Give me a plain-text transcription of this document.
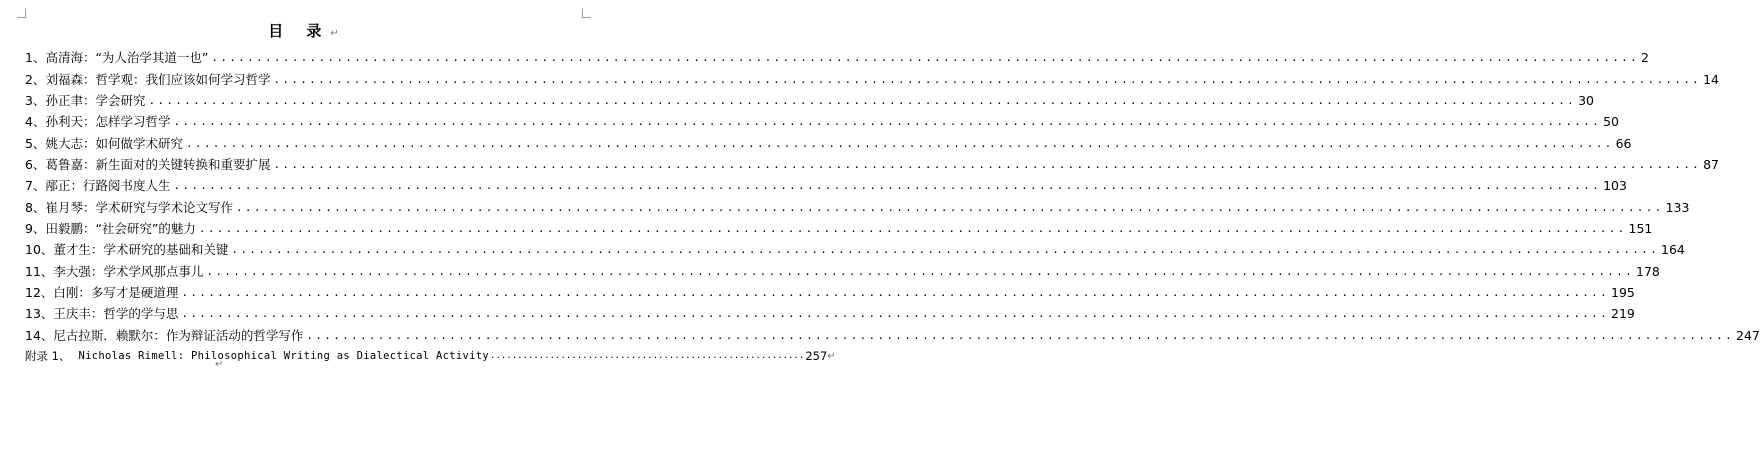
目 录↵
1、高清海：“为人治学其道一也” ................................................................................................................................................................ 2
2、刘福森：哲学观：我们应该如何学习哲学 ................................................................................................................................................................ 14
3、孙正聿：学会研究 ................................................................................................................................................................ 30
4、孙利天：怎样学习哲学 ................................................................................................................................................................ 50
5、姚大志：如何做学术研究 ................................................................................................................................................................ 66
6、葛鲁嘉：新生面对的关键转换和重要扩展 ................................................................................................................................................................ 87
7、邴正：行路阅书度人生 ................................................................................................................................................................ 103
8、崔月琴：学术研究与学术论文写作 ................................................................................................................................................................ 133
9、田毅鹏：“社会研究”的魅力 ................................................................................................................................................................ 151
10、董才生：学术研究的基础和关键 ................................................................................................................................................................ 164
11、李大强：学术学风那点事儿 ................................................................................................................................................................ 178
12、白刚：多写才是硬道理 ................................................................................................................................................................ 195
13、王庆丰：哲学的学与思 ................................................................................................................................................................ 219
14、尼古拉斯．赖默尔：作为辩证活动的哲学写作 ................................................................................................................................................................ 247
附录 1、 Nicholas Rimell: Philosophical Writing as Dialectical Activity .......................................................... 257 ↵
↵
